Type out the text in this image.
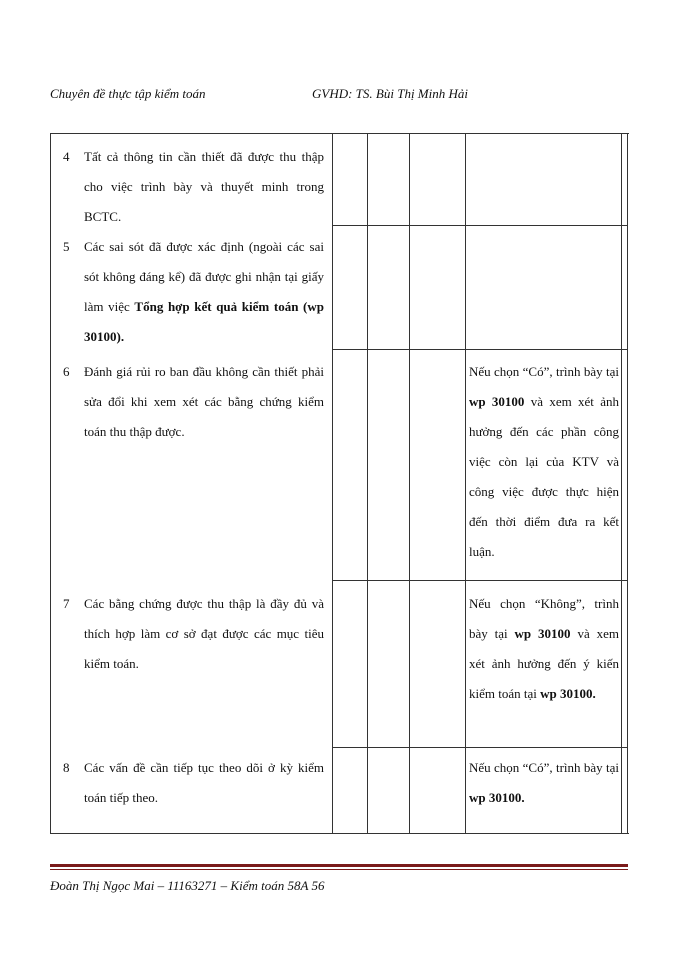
Chuyên đề thực tập kiểm toán	GVHD: TS. Bùi Thị Minh Hải
4 Tất cả thông tin cần thiết đã được thu thập cho việc trình bày và thuyết minh trong BCTC.
5 Các sai sót đã được xác định (ngoài các sai sót không đáng kể) đã được ghi nhận tại giấy làm việc Tổng hợp kết quả kiểm toán (wp 30100).
6 Đánh giá rủi ro ban đầu không cần thiết phải sửa đổi khi xem xét các bằng chứng kiểm toán thu thập được.
Nếu chọn “Có”, trình bày tại wp 30100 và xem xét ảnh hưởng đến các phần công việc còn lại của KTV và công việc được thực hiện đến thời điểm đưa ra kết luận.
7 Các bằng chứng được thu thập là đầy đủ và thích hợp làm cơ sở đạt được các mục tiêu kiểm toán.
Nếu chọn “Không”, trình bày tại wp 30100 và xem xét ảnh hưởng đến ý kiến kiểm toán tại wp 30100.
8 Các vấn đề cần tiếp tục theo dõi ở kỳ kiểm toán tiếp theo.
Nếu chọn “Có”, trình bày tại wp 30100.
Đoàn Thị Ngọc Mai – 11163271 – Kiểm toán 58A 56
